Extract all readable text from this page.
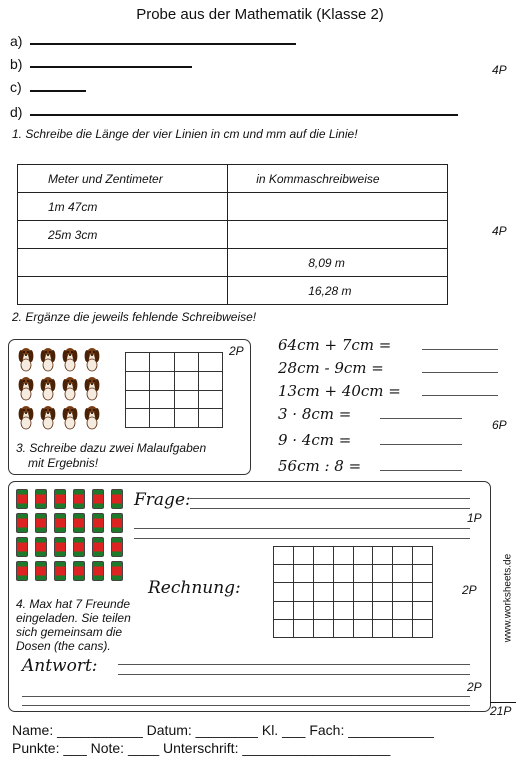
Probe aus der Mathematik (Klasse 2)
a)
b)
c)
4P
d)
1. Schreibe die Länge der vier Linien in cm und mm auf die Linie!
Meter und Zentimeter	in Kommaschreibweise
1m 47cm	
25m 3cm	
	8,09 m
	16,28 m
4P
2. Ergänze die jeweils fehlende Schreibweise!
2P

3. Schreibe dazu zwei Malaufgaben
mit Ergebnis!
64cm + 7cm =
28cm - 9cm =
13cm + 40cm =
3 · 8cm =
9 · 4cm =
56cm : 8 =
6P
Frage:
1P

Rechnung:	2P
4. Max hat 7 Freunde
eingeladen. Sie teilen
sich gemeinsam die
Dosen (the cans).
Antwort:
2P
21P
www.worksheets.de
Name: ___________ Datum: ________ Kl. ___ Fach: ___________
Punkte: ___ Note: ____ Unterschrift: ___________________
